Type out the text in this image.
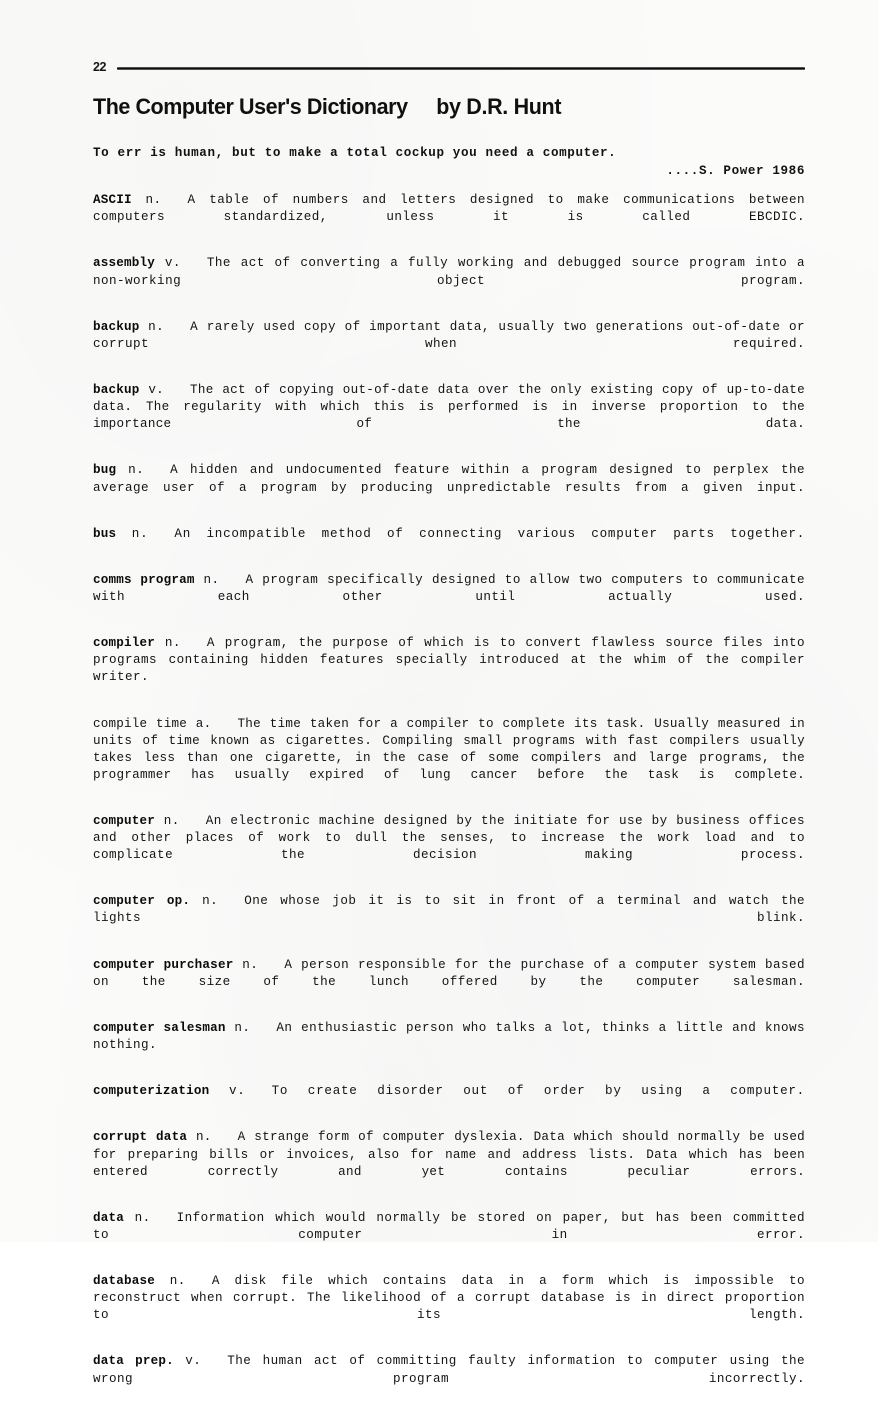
22
The Computer User's Dictionary by D.R. Hunt
To err is human, but to make a total cockup you need a computer.
....S. Power 1986
ASCII n. A table of numbers and letters designed to make communications between computers standardized, unless it is called EBCDIC.
assembly v. The act of converting a fully working and debugged source program into a non-working object program.
backup n. A rarely used copy of important data, usually two generations out-of-date or corrupt when required.
backup v. The act of copying out-of-date data over the only existing copy of up-to-date data. The regularity with which this is performed is in inverse proportion to the importance of the data.
bug n. A hidden and undocumented feature within a program designed to perplex the average user of a program by producing unpredictable results from a given input.
bus n. An incompatible method of connecting various computer parts together.
comms program n. A program specifically designed to allow two computers to communicate with each other until actually used.
compiler n. A program, the purpose of which is to convert flawless source files into programs containing hidden features specially introduced at the whim of the compiler writer.
compile time a. The time taken for a compiler to complete its task. Usually measured in units of time known as cigarettes. Compiling small programs with fast compilers usually takes less than one cigarette, in the case of some compilers and large programs, the programmer has usually expired of lung cancer before the task is complete.
computer n. An electronic machine designed by the initiate for use by business offices and other places of work to dull the senses, to increase the work load and to complicate the decision making process.
computer op. n. One whose job it is to sit in front of a terminal and watch the lights blink.
computer purchaser n. A person responsible for the purchase of a computer system based on the size of the lunch offered by the computer salesman.
computer salesman n. An enthusiastic person who talks a lot, thinks a little and knows nothing.
computerization v. To create disorder out of order by using a computer.
corrupt data n. A strange form of computer dyslexia. Data which should normally be used for preparing bills or invoices, also for name and address lists. Data which has been entered correctly and yet contains peculiar errors.
data n. Information which would normally be stored on paper, but has been committed to computer in error.
database n. A disk file which contains data in a form which is impossible to reconstruct when corrupt. The likelihood of a corrupt database is in direct proportion to its length.
data prep. v. The human act of committing faulty information to computer using the wrong program incorrectly.
